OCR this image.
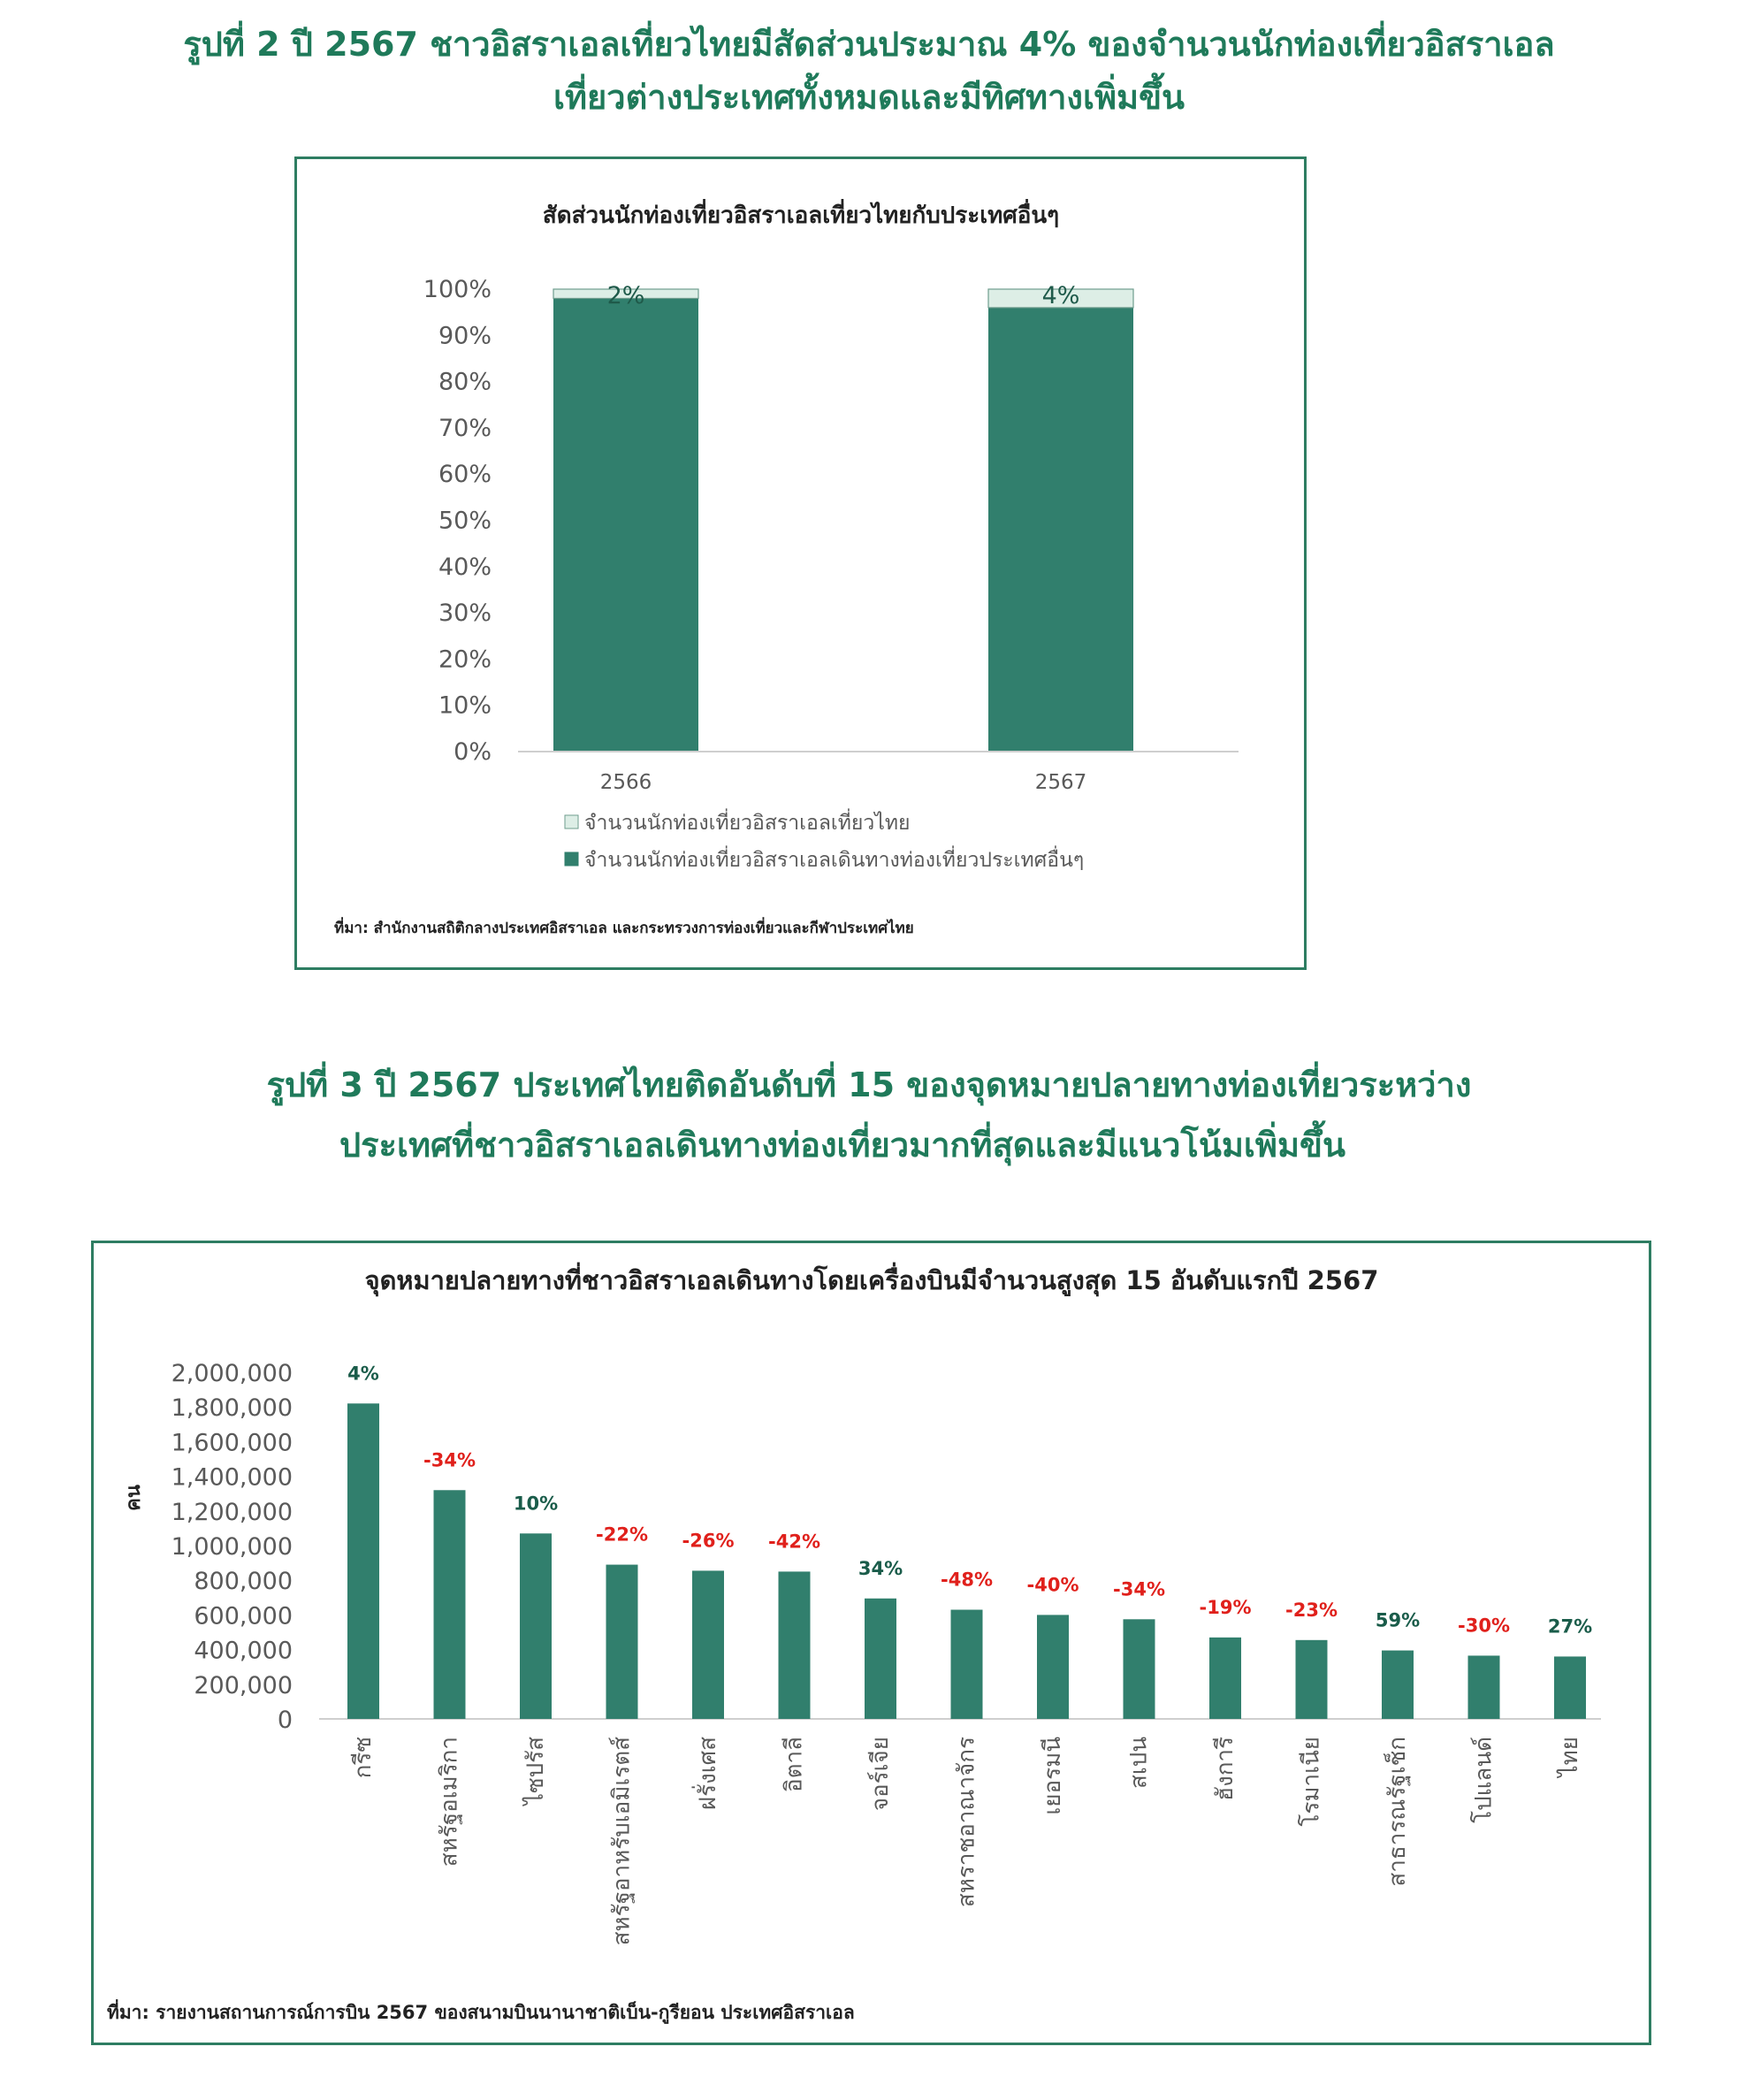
รูปที่ 2 ปี 2567 ชาวอิสราเอลเที่ยวไทยมีสัดส่วนประมาณ 4% ของจำนวนนักท่องเที่ยวอิสราเอล
เที่ยวต่างประเทศทั้งหมดและมีทิศทางเพิ่มขึ้น
สัดส่วนนักท่องเที่ยวอิสราเอลเที่ยวไทยกับประเทศอื่นๆ
0%
10%
20%
30%
40%
50%
60%
70%
80%
90%
100%	2%	4%
2566	2567
จำนวนนักท่องเที่ยวอิสราเอลเที่ยวไทย
จำนวนนักท่องเที่ยวอิสราเอลเดินทางท่องเที่ยวประเทศอื่นๆ
ที่มา: สำนักงานสถิติกลางประเทศอิสราเอล และกระทรวงการท่องเที่ยวและกีฬาประเทศไทย
รูปที่ 3 ปี 2567 ประเทศไทยติดอันดับที่ 15 ของจุดหมายปลายทางท่องเที่ยวระหว่าง
ประเทศที่ชาวอิสราเอลเดินทางท่องเที่ยวมากที่สุดและมีแนวโน้มเพิ่มขึ้น
จุดหมายปลายทางที่ชาวอิสราเอลเดินทางโดยเครื่องบินมีจำนวนสูงสุด 15 อันดับแรกปี 2567
คน
0
200,000
400,000
600,000
800,000
1,000,000
1,200,000
1,400,000
1,600,000
1,800,000
2,000,000	4%
-34%
10%
-22% -26% -42%
34%
-48% -40% -34%
-19% -23% 59% -30% 27%
กรีซ	สหรัฐอเมริกา	ไซปรัส	สหรัฐอาหรับเอมิเรตส์	ฝรั่งเศส	อิตาลี	จอร์เจีย	สหราชอาณาจักร	เยอรมนี	สเปน	ฮังการี	โรมาเนีย	สาธารณรัฐเช็ก	โปแลนด์	ไทย
ที่มา: รายงานสถานการณ์การบิน 2567 ของสนามบินนานาชาติเบ็น-กูรียอน ประเทศอิสราเอล
